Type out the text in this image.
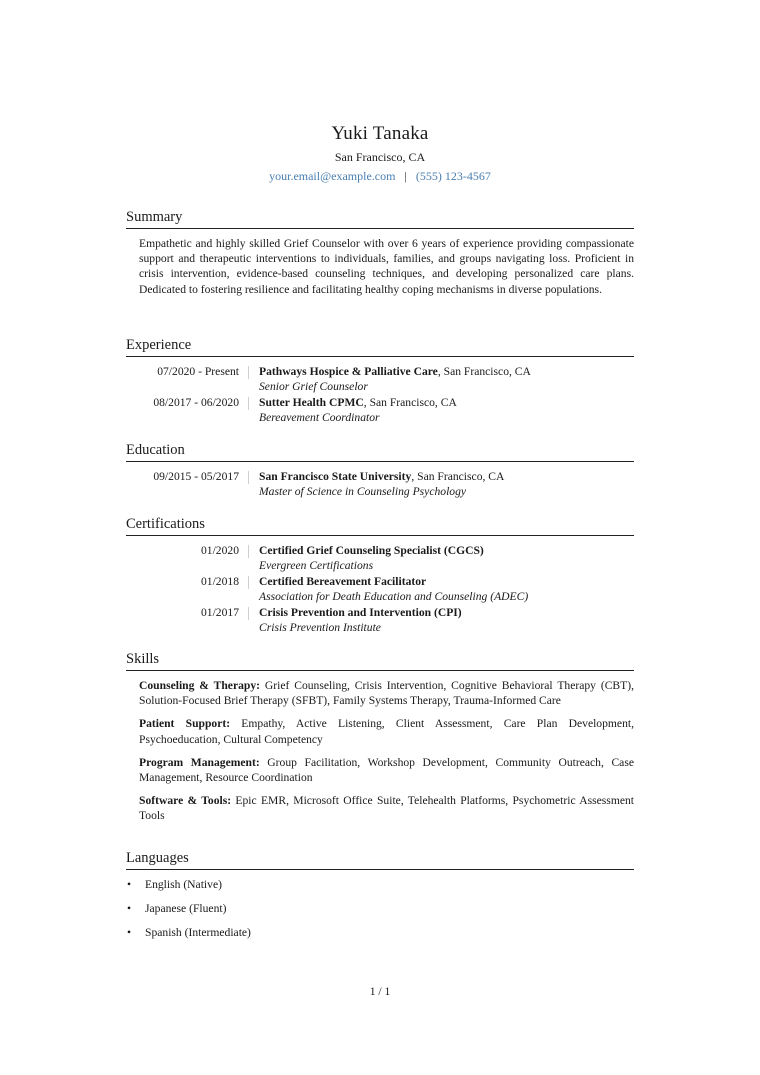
Yuki Tanaka
San Francisco, CA
your.email@example.com | (555) 123-4567
Summary

Empathetic and highly skilled Grief Counselor with over 6 years of experience providing compassionate support and therapeutic interventions to individuals, families, and groups navigating loss. Proficient in crisis intervention, evidence-based counseling techniques, and developing personalized care plans. Dedicated to fostering resilience and facilitating healthy coping mechanisms in diverse populations.

Experience
07/2020 - Present	Pathways Hospice & Palliative Care, San Francisco, CA
Senior Grief Counselor
08/2017 - 06/2020	Sutter Health CPMC, San Francisco, CA
Bereavement Coordinator
Education
09/2015 - 05/2017	San Francisco State University, San Francisco, CA
Master of Science in Counseling Psychology
Certifications
01/2020	Certified Grief Counseling Specialist (CGCS)
Evergreen Certifications
01/2018	Certified Bereavement Facilitator
Association for Death Education and Counseling (ADEC)
01/2017	Crisis Prevention and Intervention (CPI)
Crisis Prevention Institute
Skills
Counseling & Therapy: Grief Counseling, Crisis Intervention, Cognitive Behavioral Therapy (CBT), Solution-Focused Brief Therapy (SFBT), Family Systems Therapy, Trauma-Informed Care
Patient Support: Empathy, Active Listening, Client Assessment, Care Plan Development, Psychoeducation, Cultural Competency
Program Management: Group Facilitation, Workshop Development, Community Outreach, Case Management, Resource Coordination
Software & Tools: Epic EMR, Microsoft Office Suite, Telehealth Platforms, Psychometric Assessment Tools
Languages
• English (Native)
• Japanese (Fluent)
• Spanish (Intermediate)
1 / 1
